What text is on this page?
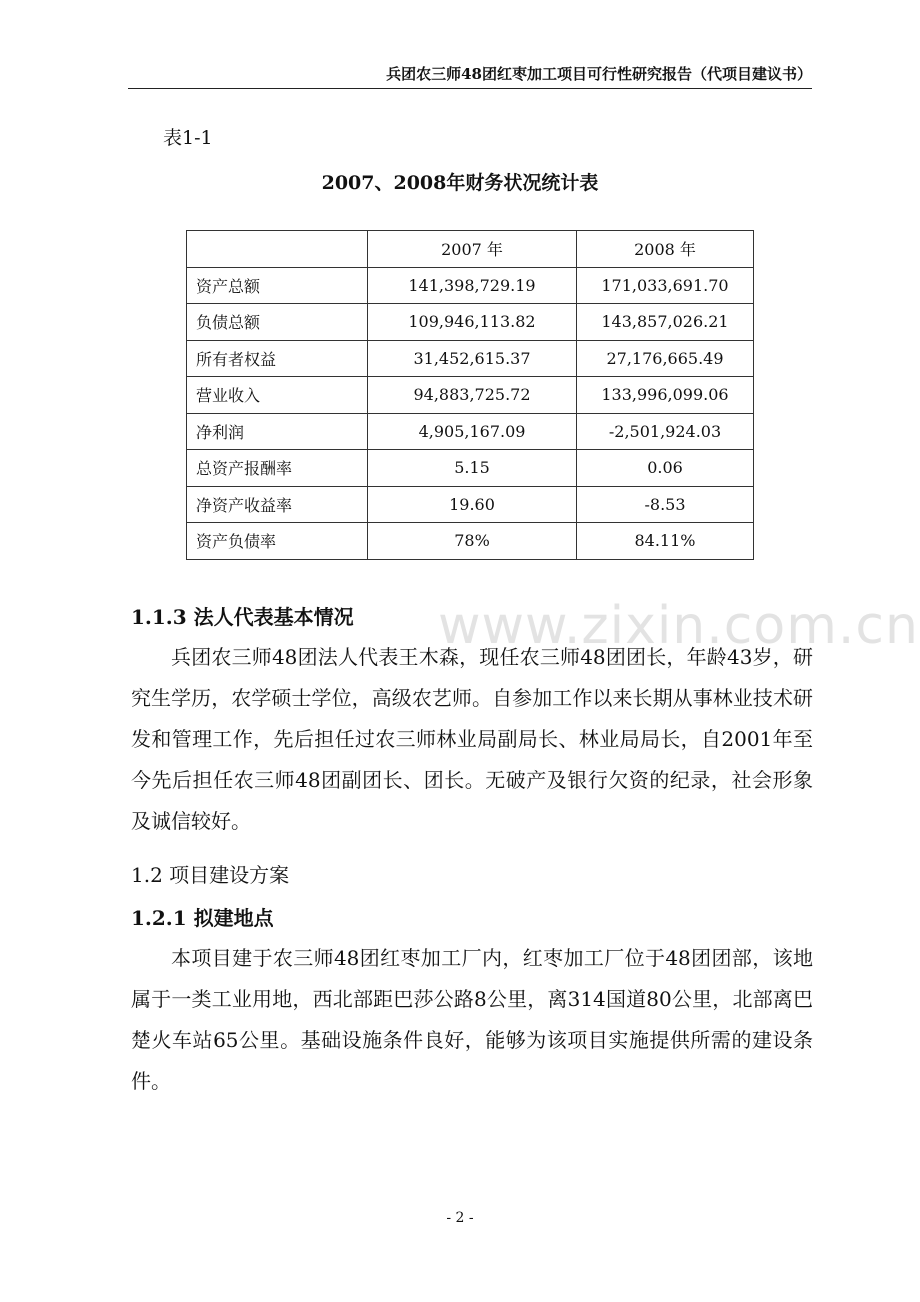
兵团农三师48团红枣加工项目可行性研究报告（代项目建议书）
表1-1
2007、2008年财务状况统计表
	2007 年	2008 年
资产总额	141,398,729.19	171,033,691.70
负债总额	109,946,113.82	143,857,026.21
所有者权益	31,452,615.37	27,176,665.49
营业收入	94,883,725.72	133,996,099.06
净利润	4,905,167.09	-2,501,924.03
总资产报酬率	5.15	0.06
净资产收益率	19.60	-8.53
资产负债率	78%	84.11%
www.zixin.com.cn
1.1.3 法人代表基本情况
兵团农三师48团法人代表王木森，现任农三师48团团长，年龄43岁，研究生学历，农学硕士学位，高级农艺师。自参加工作以来长期从事林业技术研发和管理工作，先后担任过农三师林业局副局长、林业局局长，自2001年至今先后担任农三师48团副团长、团长。无破产及银行欠资的纪录，社会形象及诚信较好。
1.2 项目建设方案
1.2.1 拟建地点
本项目建于农三师48团红枣加工厂内，红枣加工厂位于48团团部，该地属于一类工业用地，西北部距巴莎公路8公里，离314国道80公里，北部离巴楚火车站65公里。基础设施条件良好，能够为该项目实施提供所需的建设条件。
- 2 -
